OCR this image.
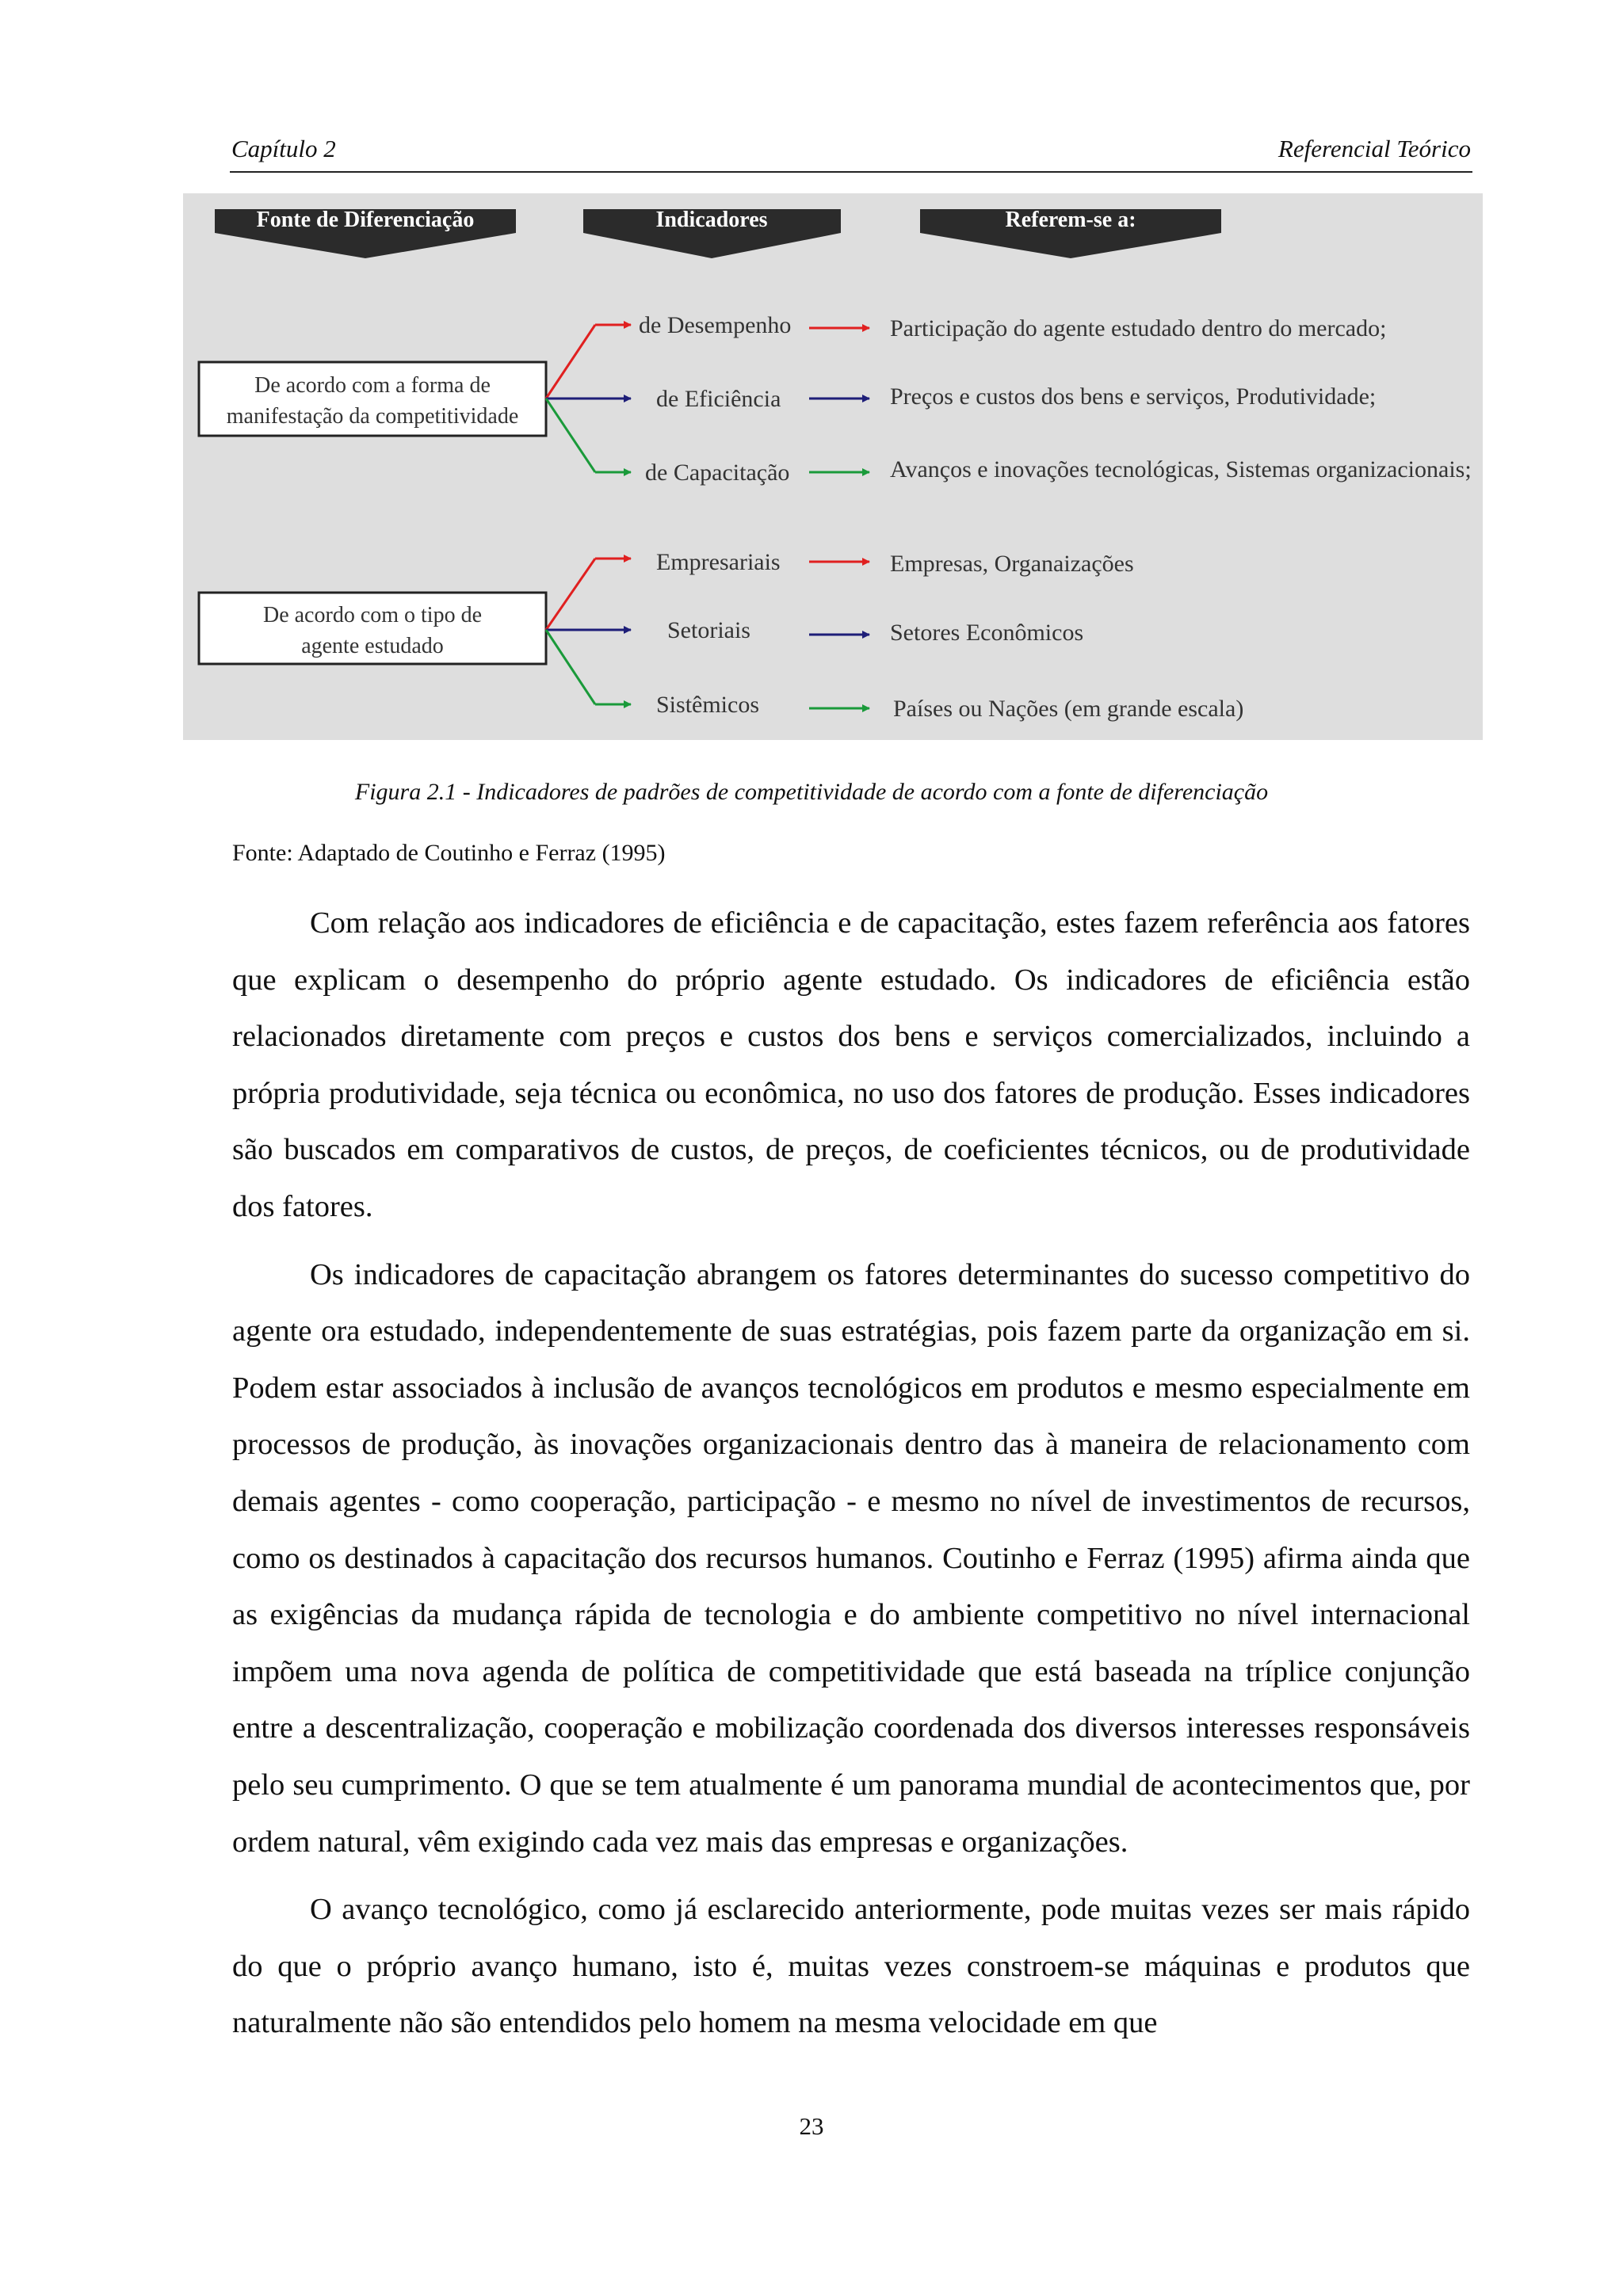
Capítulo 2	Referencial Teórico
Fonte de Diferenciação	Indicadores	Referem-se a:
De acordo com a forma de
manifestação da competitividade
de Desempenho
de Eficiência
de Capacitação
Participação do agente estudado dentro do mercado;
Preços e custos dos bens e serviços, Produtividade;
Avanços e inovações tecnológicas, Sistemas organizacionais;
De acordo com o tipo de
agente estudado
Empresariais
Setoriais
Sistêmicos
Empresas, Organaizações
Setores Econômicos
Países ou Nações (em grande escala)
Figura 2.1 - Indicadores de padrões de competitividade de acordo com a fonte de diferenciação
Fonte: Adaptado de Coutinho e Ferraz (1995)

Com relação aos indicadores de eficiência e de capacitação, estes fazem referência aos fatores que explicam o desempenho do próprio agente estudado. Os indicadores de eficiência estão relacionados diretamente com preços e custos dos bens e serviços comercializados, incluindo a própria produtividade, seja técnica ou econômica, no uso dos fatores de produção. Esses indicadores são buscados em comparativos de custos, de preços, de coeficientes técnicos, ou de produtividade dos fatores.

Os indicadores de capacitação abrangem os fatores determinantes do sucesso competitivo do agente ora estudado, independentemente de suas estratégias, pois fazem parte da organização em si. Podem estar associados à inclusão de avanços tecnológicos em produtos e mesmo especialmente em processos de produção, às inovações organizacionais dentro das à maneira de relacionamento com demais agentes - como cooperação, participação - e mesmo no nível de investimentos de recursos, como os destinados à capacitação dos recursos humanos. Coutinho e Ferraz (1995) afirma ainda que as exigências da mudança rápida de tecnologia e do ambiente competitivo no nível internacional impõem uma nova agenda de política de competitividade que está baseada na tríplice conjunção entre a descentralização, cooperação e mobilização coordenada dos diversos interesses responsáveis pelo seu cumprimento. O que se tem atualmente é um panorama mundial de acontecimentos que, por ordem natural, vêm exigindo cada vez mais das empresas e organizações.

O avanço tecnológico, como já esclarecido anteriormente, pode muitas vezes ser mais rápido do que o próprio avanço humano, isto é, muitas vezes constroem-se máquinas e produtos que naturalmente não são entendidos pelo homem na mesma velocidade em que

23
